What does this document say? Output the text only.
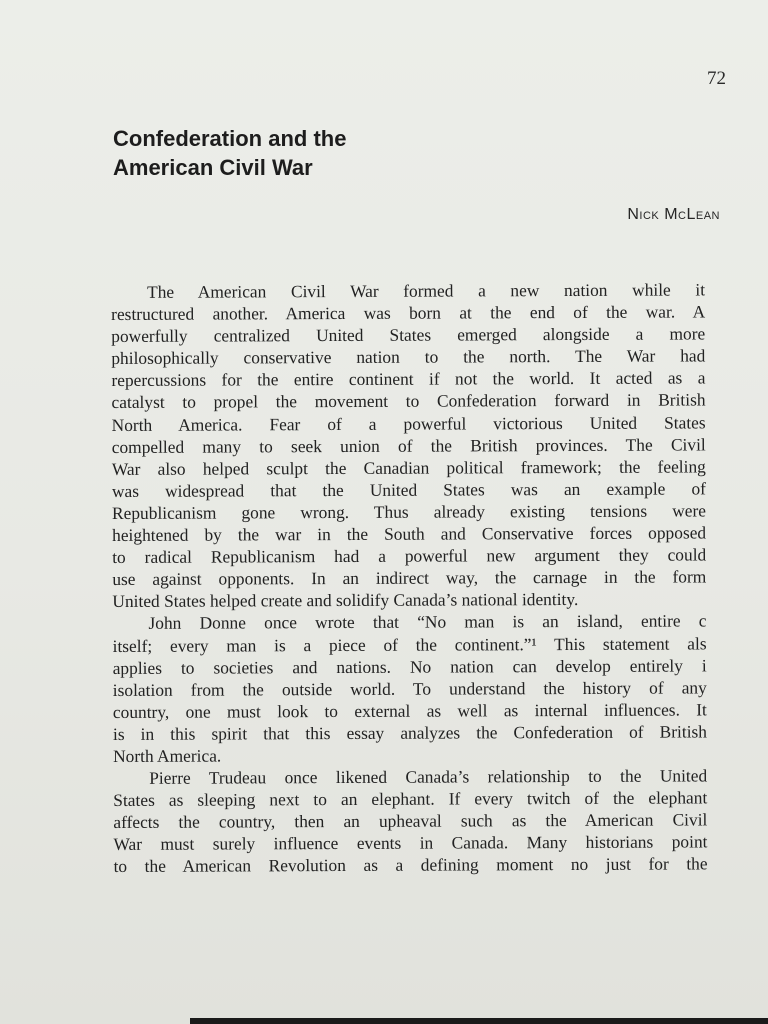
72
Confederation and the
American Civil War
Nick McLean
The American Civil War formed a new nation while it
restructured another. America was born at the end of the war. A
powerfully centralized United States emerged alongside a more
philosophically conservative nation to the north. The War had
repercussions for the entire continent if not the world. It acted as a
catalyst to propel the movement to Confederation forward in British
North America. Fear of a powerful victorious United States
compelled many to seek union of the British provinces. The Civil
War also helped sculpt the Canadian political framework; the feeling
was widespread that the United States was an example of
Republicanism gone wrong. Thus already existing tensions were
heightened by the war in the South and Conservative forces opposed
to radical Republicanism had a powerful new argument they could
use against opponents. In an indirect way, the carnage in the form
United States helped create and solidify Canada’s national identity.
John Donne once wrote that “No man is an island, entire c
itself; every man is a piece of the continent.”¹ This statement als
applies to societies and nations. No nation can develop entirely i
isolation from the outside world. To understand the history of any
country, one must look to external as well as internal influences. It
is in this spirit that this essay analyzes the Confederation of British
North America.
Pierre Trudeau once likened Canada’s relationship to the United
States as sleeping next to an elephant. If every twitch of the elephant
affects the country, then an upheaval such as the American Civil
War must surely influence events in Canada. Many historians point
to the American Revolution as a defining moment no just for the
